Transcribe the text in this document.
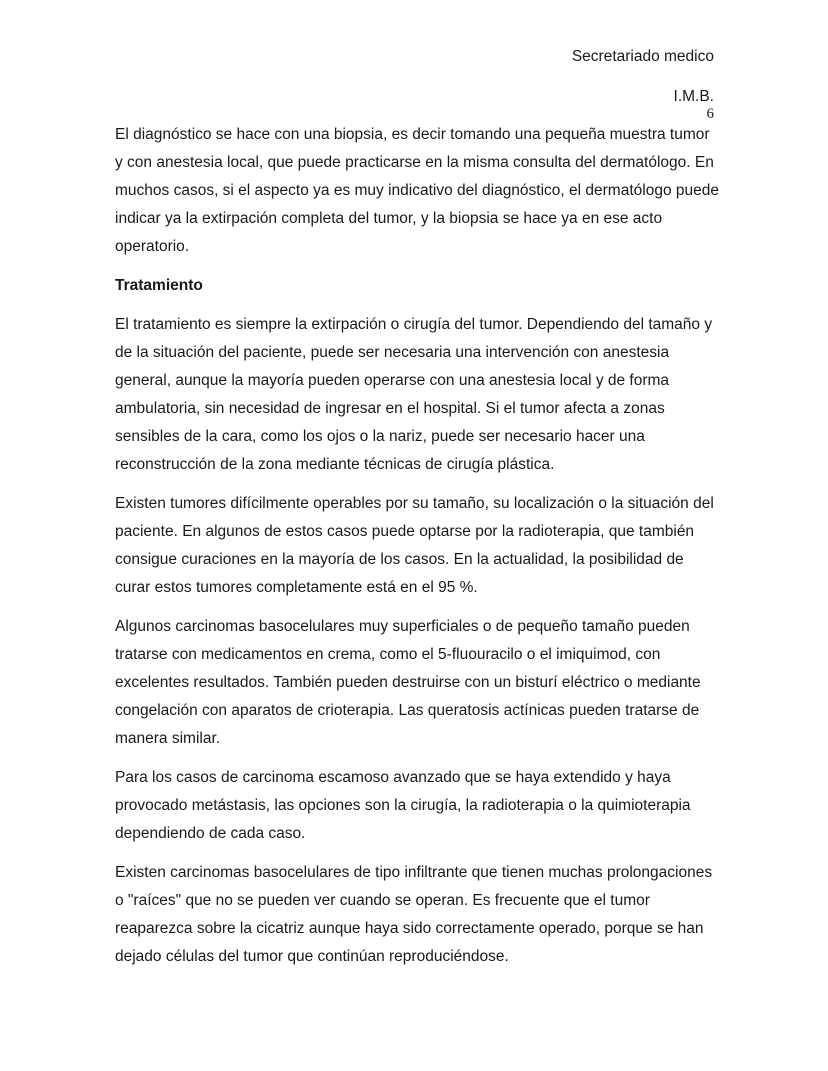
Secretariado medico
I.M.B.
6

El diagnóstico se hace con una biopsia, es decir tomando una pequeña muestra tumor y con anestesia local, que puede practicarse en la misma consulta del dermatólogo. En muchos casos, si el aspecto ya es muy indicativo del diagnóstico, el dermatólogo puede indicar ya la extirpación completa del tumor, y la biopsia se hace ya en ese acto operatorio.

Tratamiento

El tratamiento es siempre la extirpación o cirugía del tumor. Dependiendo del tamaño y de la situación del paciente, puede ser necesaria una intervención con anestesia general, aunque la mayoría pueden operarse con una anestesia local y de forma ambulatoria, sin necesidad de ingresar en el hospital. Si el tumor afecta a zonas sensibles de la cara, como los ojos o la nariz, puede ser necesario hacer una reconstrucción de la zona mediante técnicas de cirugía plástica.

Existen tumores difícilmente operables por su tamaño, su localización o la situación del paciente. En algunos de estos casos puede optarse por la radioterapia, que también consigue curaciones en la mayoría de los casos. En la actualidad, la posibilidad de curar estos tumores completamente está en el 95 %.

Algunos carcinomas basocelulares muy superficiales o de pequeño tamaño pueden tratarse con medicamentos en crema, como el 5-fluouracilo o el imiquimod, con excelentes resultados. También pueden destruirse con un bisturí eléctrico o mediante congelación con aparatos de crioterapia. Las queratosis actínicas pueden tratarse de manera similar.

Para los casos de carcinoma escamoso avanzado que se haya extendido y haya provocado metástasis, las opciones son la cirugía, la radioterapia o la quimioterapia dependiendo de cada caso.

Existen carcinomas basocelulares de tipo infiltrante que tienen muchas prolongaciones o "raíces" que no se pueden ver cuando se operan. Es frecuente que el tumor reaparezca sobre la cicatriz aunque haya sido correctamente operado, porque se han dejado células del tumor que continúan reproduciéndose.
